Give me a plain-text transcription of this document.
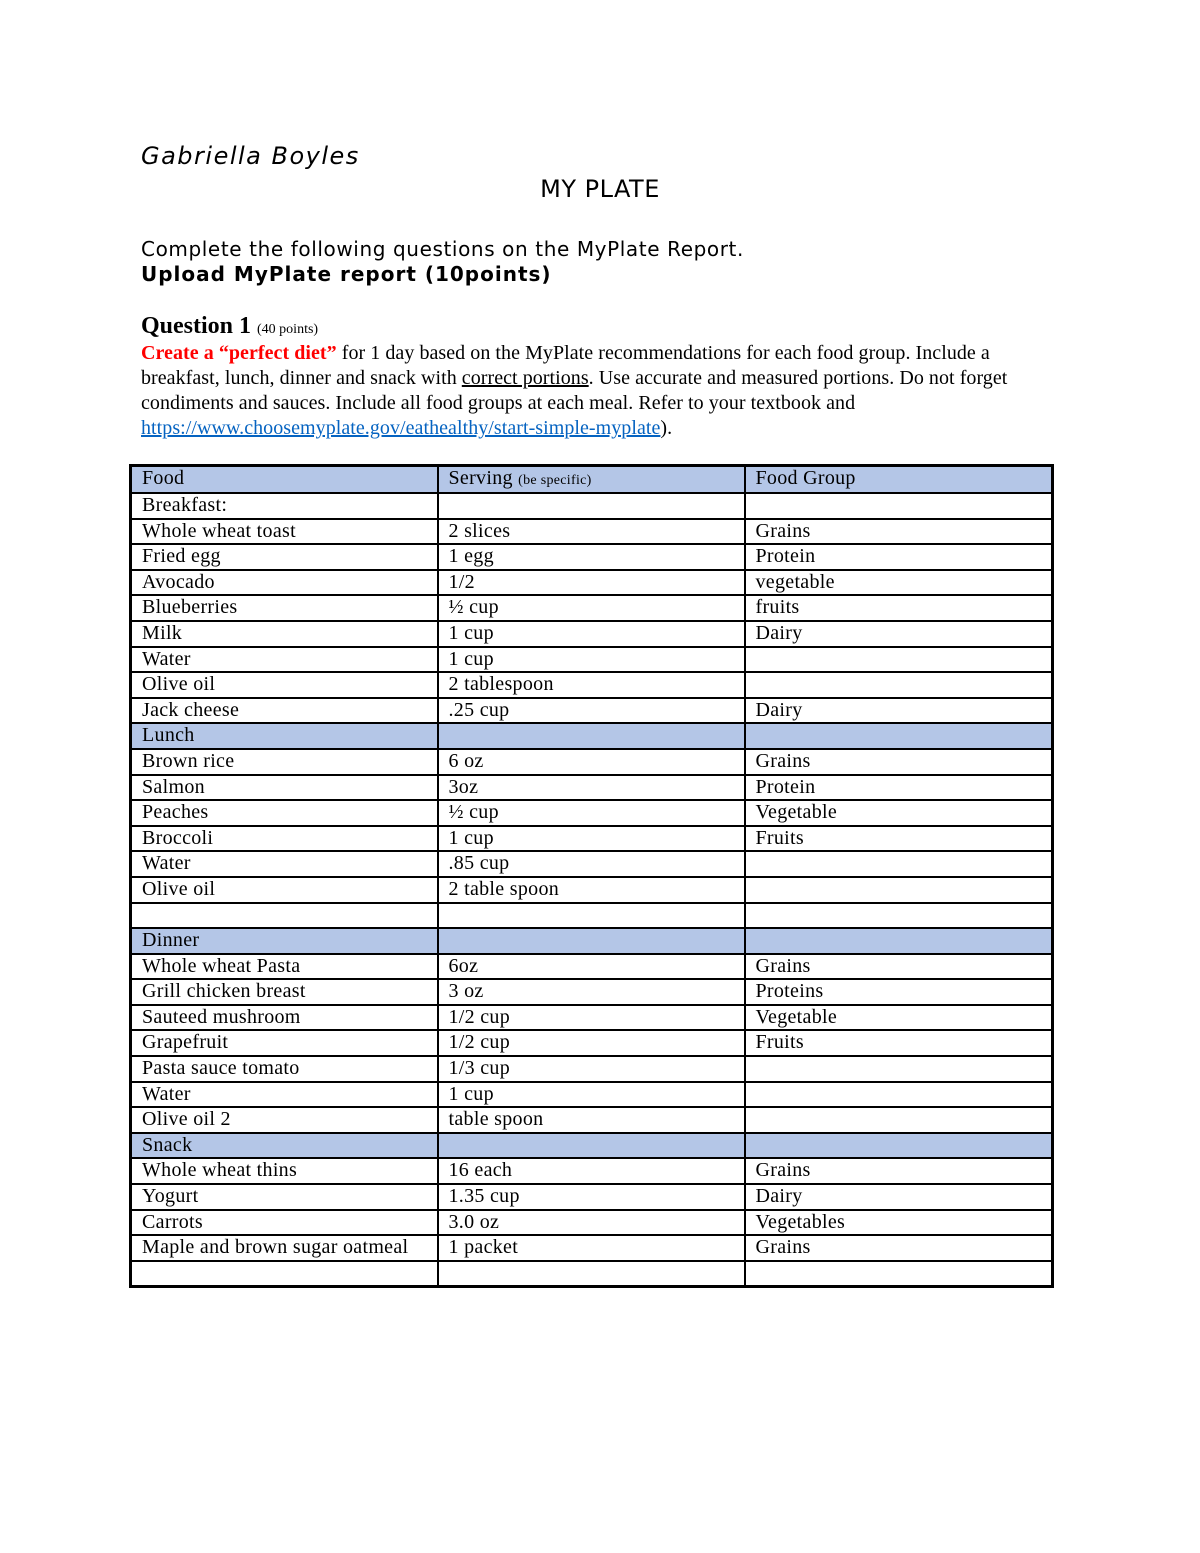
Gabriella Boyles
MY PLATE
Complete the following questions on the MyPlate Report.
Upload MyPlate report (10points)
Question 1 (40 points)
Create a “perfect diet” for 1 day based on the MyPlate recommendations for each food group. Include a breakfast, lunch, dinner and snack with correct portions. Use accurate and measured portions. Do not forget condiments and sauces. Include all food groups at each meal. Refer to your textbook and https://www.choosemyplate.gov/eathealthy/start-simple-myplate).
Food	Serving (be specific)	Food Group
Breakfast:		
Whole wheat toast	2 slices	Grains
Fried egg	1 egg	Protein
Avocado	1/2	vegetable
Blueberries	½ cup	fruits
Milk	1 cup	Dairy
Water	1 cup	
Olive oil	2 tablespoon	
Jack cheese	.25 cup	Dairy
Lunch		
Brown rice	6 oz	Grains
Salmon	3oz	Protein
Peaches	½ cup	Vegetable
Broccoli	1 cup	Fruits
Water	.85 cup	
Olive oil	2 table spoon	

Dinner		
Whole wheat Pasta	6oz	Grains
Grill chicken breast	3 oz	Proteins
Sauteed mushroom	1/2 cup	Vegetable
Grapefruit	1/2 cup	Fruits
Pasta sauce tomato	1/3 cup	
Water	1 cup	
Olive oil 2	table spoon	
Snack		
Whole wheat thins	16 each	Grains
Yogurt	1.35 cup	Dairy
Carrots	3.0 oz	Vegetables
Maple and brown sugar oatmeal	1 packet	Grains
